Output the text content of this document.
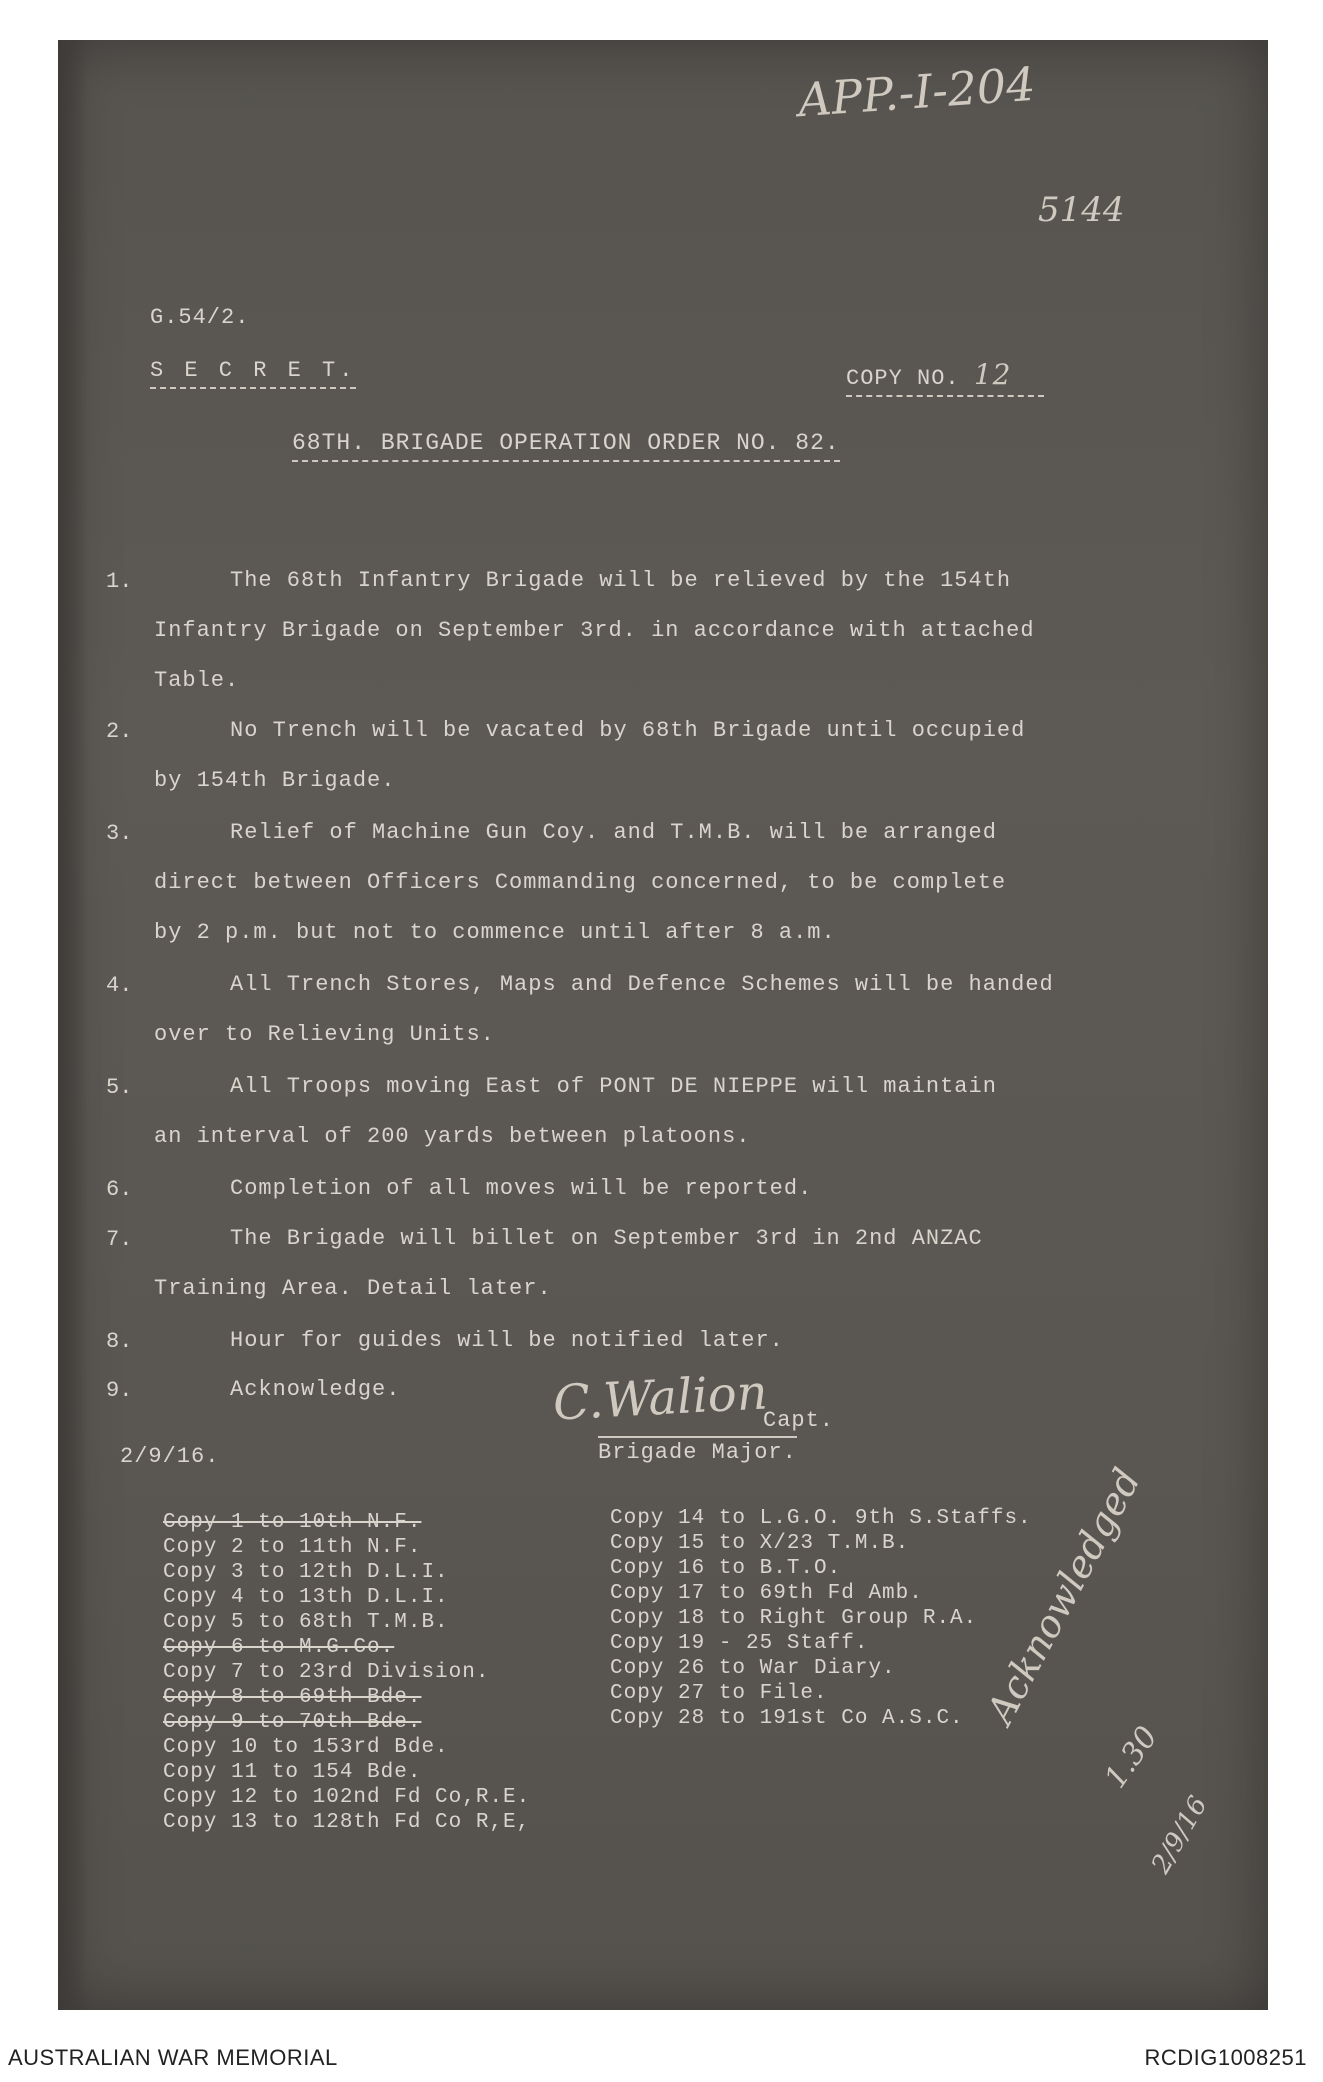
APP.-I-204
5144
G.54/2.
S E C R E T.	COPY NO. 12
68TH. BRIGADE OPERATION ORDER NO. 82.
1.	The 68th Infantry Brigade will be relieved by the 154th
Infantry Brigade on September 3rd. in accordance with attached
Table.
2.	No Trench will be vacated by 68th Brigade until occupied
by 154th Brigade.
3.	Relief of Machine Gun Coy. and T.M.B. will be arranged
direct between Officers Commanding concerned, to be complete
by 2 p.m. but not to commence until after 8 a.m.
4.	All Trench Stores, Maps and Defence Schemes will be handed
over to Relieving Units.
5.	All Troops moving East of PONT DE NIEPPE will maintain
an interval of 200 yards between platoons.
6.	Completion of all moves will be reported.
7.	The Brigade will billet on September 3rd in 2nd ANZAC
Training Area. Detail later.
8.	Hour for guides will be notified later.
9.	Acknowledge.	C.Walion
Capt.
Brigade Major.
2/9/16.
Copy 1 to 10th N.F.
Copy 2 to 11th N.F.
Copy 3 to 12th D.L.I.
Copy 4 to 13th D.L.I.
Copy 5 to 68th T.M.B.
Copy 6 to M.G.Co.
Copy 7 to 23rd Division.
Copy 8 to 69th Bde.
Copy 9 to 70th Bde.
Copy 10 to 153rd Bde.
Copy 11 to 154 Bde.
Copy 12 to 102nd Fd Co,R.E.
Copy 13 to 128th Fd Co R,E,
Copy 14 to L.G.O. 9th S.Staffs.
Copy 15 to X/23 T.M.B.
Copy 16 to B.T.O.
Copy 17 to 69th Fd Amb.
Copy 18 to Right Group R.A.
Copy 19 - 25 Staff.
Copy 26 to War Diary.
Copy 27 to File.
Copy 28 to 191st Co A.S.C. Acknowledged
1.30
2/9/16
AUSTRALIAN WAR MEMORIAL	RCDIG1008251
